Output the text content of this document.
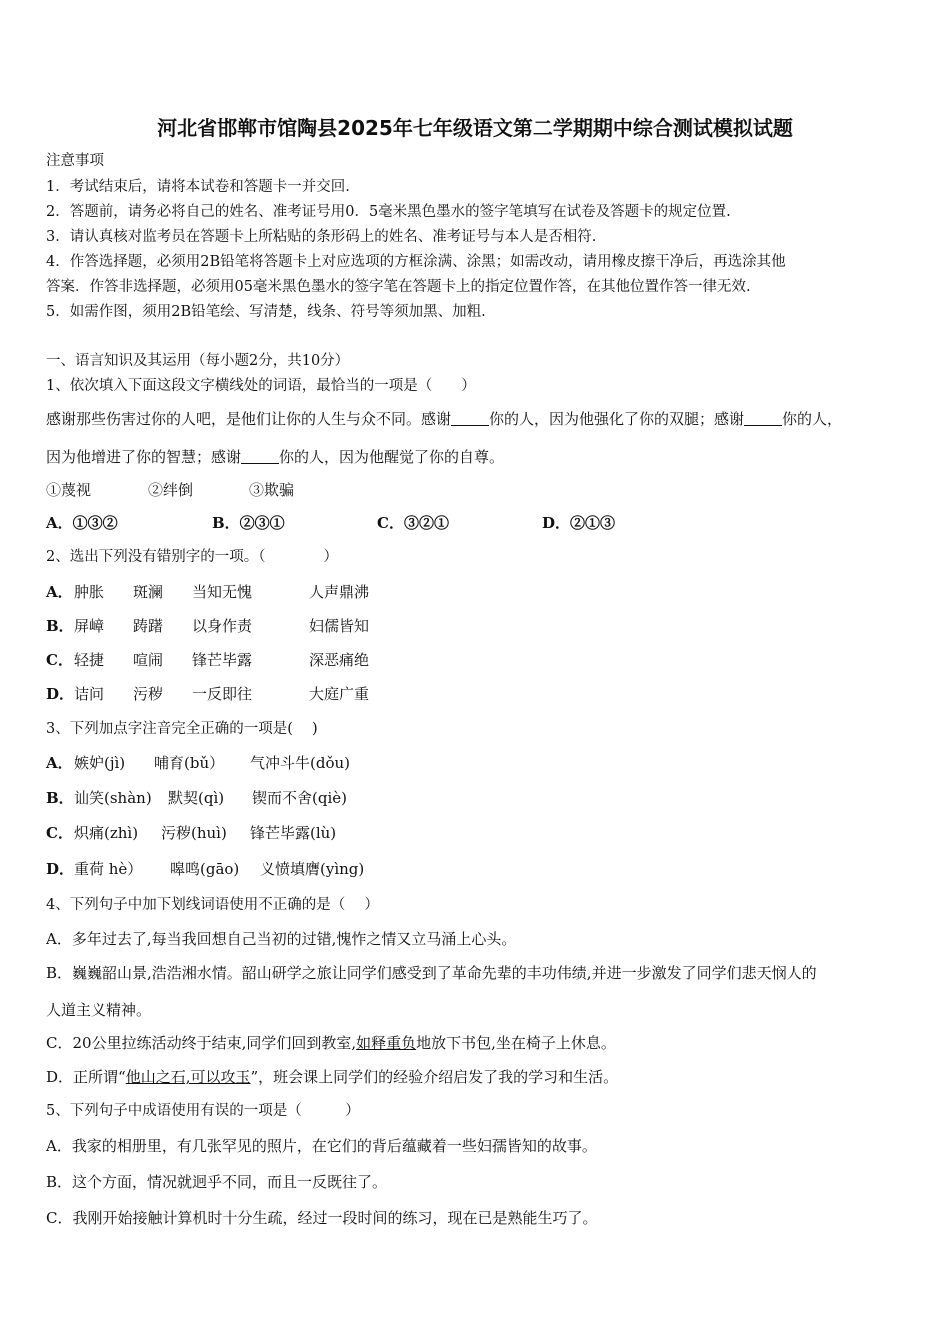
河北省邯郸市馆陶县2025年七年级语文第二学期期中综合测试模拟试题
注意事项
1．考试结束后，请将本试卷和答题卡一并交回.
2．答题前，请务必将自己的姓名、准考证号用0．5毫米黑色墨水的签字笔填写在试卷及答题卡的规定位置.
3．请认真核对监考员在答题卡上所粘贴的条形码上的姓名、准考证号与本人是否相符.
4．作答选择题，必须用2B铅笔将答题卡上对应选项的方框涂满、涂黑；如需改动，请用橡皮擦干净后，再选涂其他
答案．作答非选择题，必须用05毫米黑色墨水的签字笔在答题卡上的指定位置作答，在其他位置作答一律无效.
5．如需作图，须用2B铅笔绘、写清楚，线条、符号等须加黑、加粗.
一、语言知识及其运用（每小题2分，共10分）
1、依次填入下面这段文字横线处的词语，最恰当的一项是（　　）
感谢那些伤害过你的人吧，是他们让你的人生与众不同。感谢	你的人，因为他强化了你的双腿；感谢	你的人，
因为他增进了你的智慧；感谢	你的人，因为他醒觉了你的自尊。
①蔑视	②绊倒	③欺骗
A．①③②	B．②③①	C．③②①	D．②①③
2、选出下列没有错别字的一项。（　　　　）
A． 肿胀 斑澜 当知无愧	人声鼎沸
B． 屏嶂 踌躇 以身作责	妇儒皆知
C． 轻捷 喧闹 锋芒毕露	深恶痛绝
D． 诘问 污秽 一反即往	大庭广重
3、下列加点字注音完全正确的一项是(　 )
A． 嫉妒(jì) 哺育(bǔ） 气冲斗牛(dǒu)
B． 讪笑(shàn) 默契(qì) 锲而不舍(qiè)
C． 炽痛(zhì) 污秽(huì) 锋芒毕露(lù)
D． 重荷 hè） 嗥鸣(gāo) 义愤填膺(yìng)
4、下列句子中加下划线词语使用不正确的是（　 ）
A．多年过去了,每当我回想自己当初的过错,愧怍之情又立马涌上心头。
B．巍巍韶山景,浩浩湘水情。韶山研学之旅让同学们感受到了革命先辈的丰功伟绩,并进一步激发了同学们悲天悯人的
人道主义精神。
C．20公里拉练活动终于结束,同学们回到教室,如释重负地放下书包,坐在椅子上休息。
D．正所谓“他山之石,可以攻玉”，班会课上同学们的经验介绍启发了我的学习和生活。
5、下列句子中成语使用有误的一项是（　　　）
A．我家的相册里，有几张罕见的照片，在它们的背后蕴藏着一些妇孺皆知的故事。
B．这个方面，情况就迥乎不同，而且一反既往了。
C．我刚开始接触计算机时十分生疏，经过一段时间的练习，现在已是熟能生巧了。
